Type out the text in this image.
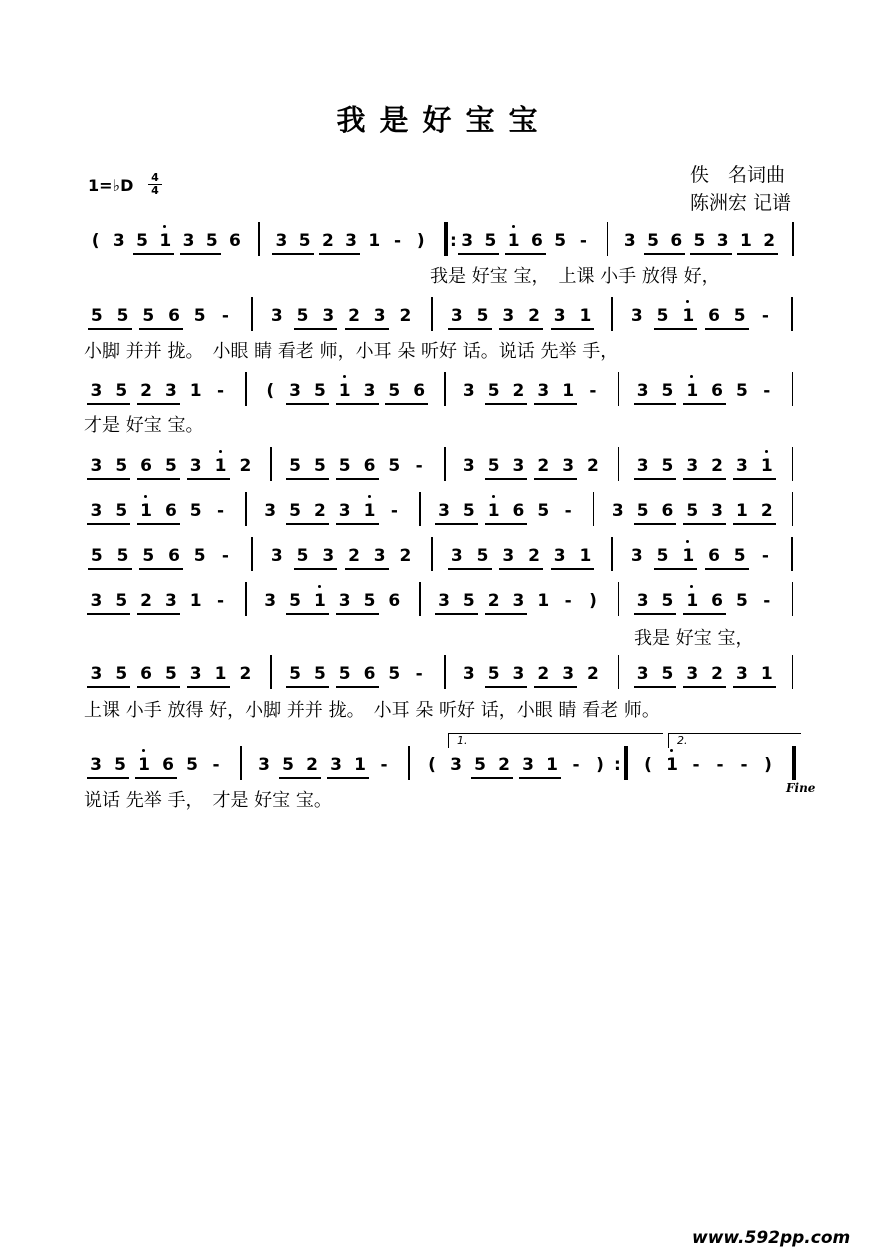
我是好宝宝
佚　名词曲
陈洲宏 记谱
1=♭D 4
4
( 3 5 1 3 5 6 3 5 2 3 1 - )	: 3 5 1 6 5 -	3 5 6 5 3 1 2
5 5 5 6 5 -	3 5 3 2 3 2 3 5 3 2 3 1 3 5 1 6 5 -
3 5 2 3 1 -	( 3 5 1 3 5 6 3 5 2 3 1 -	3 5 1 6 5 -
3 5 6 5 3 1 2 5 5 5 6 5 -	3 5 3 2 3 2 3 5 3 2 3 1
3 5 1 6 5 -	3 5 2 3 1 -	3 5 1 6 5 -	3 5 6 5 3 1 2
5 5 5 6 5 -	3 5 3 2 3 2 3 5 3 2 3 1 3 5 1 6 5 -
3 5 2 3 1 -	3 5 1 3 5 6 3 5 2 3 1 -	)	3 5 1 6 5 -
3 5 6 5 3 1 2 5 5 5 6 5 -	3 5 3 2 3 2 3 5 3 2 3 1
3 5 1 6 5 -	3 5 2 3 1 -	( 3 5 2 3 1 - ) :	( 1 - - - )
我是 好宝 宝，　上课 小手 放得 好，
小脚 并并 拢。　小眼 睛 看老 师，小耳 朵 听好 话。说话 先举 手，
才是 好宝 宝。
我是 好宝 宝，
上课 小手 放得 好，小脚 并并 拢。　小耳 朵 听好 话，小眼 睛 看老 师。
说话 先举 手，　才是 好宝 宝。
1.	2.
Fine
www.592pp.com
